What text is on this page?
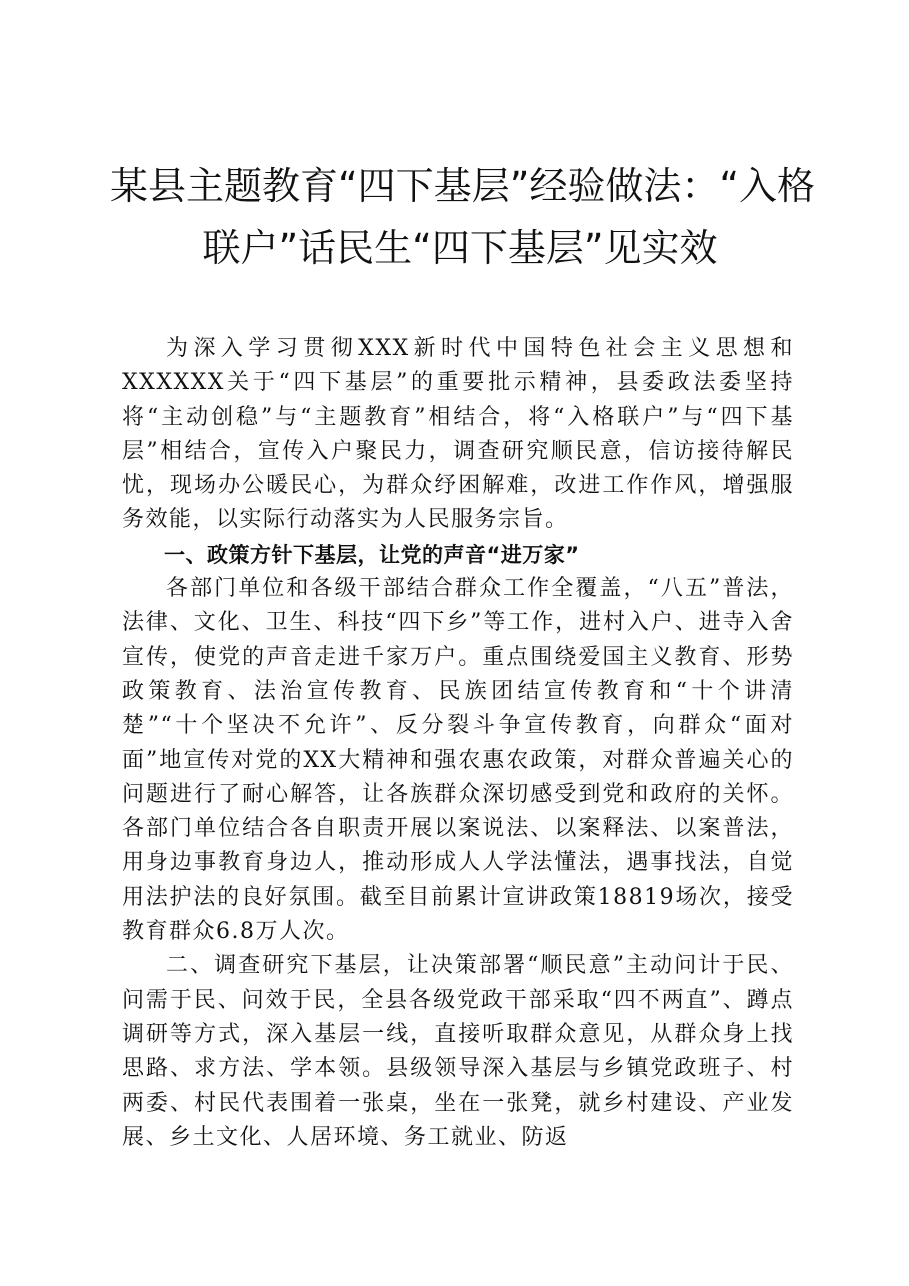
某县主题教育“四下基层”经验做法：“入格
联户”话民生“四下基层”见实效

为深入学习贯彻XXX新时代中国特色社会主义思想和XXXXXX关于“四下基层”的重要批示精神，县委政法委坚持将“主动创稳”与“主题教育”相结合，将“入格联户”与“四下基层”相结合，宣传入户聚民力，调查研究顺民意，信访接待解民忧，现场办公暖民心，为群众纾困解难，改进工作作风，增强服务效能，以实际行动落实为人民服务宗旨。

一、政策方针下基层，让党的声音“进万家”

各部门单位和各级干部结合群众工作全覆盖，“八五”普法，法律、文化、卫生、科技“四下乡”等工作，进村入户、进寺入舍宣传，使党的声音走进千家万户。重点围绕爱国主义教育、形势政策教育、法治宣传教育、民族团结宣传教育和“十个讲清楚”“十个坚决不允许”、反分裂斗争宣传教育，向群众“面对面”地宣传对党的XX大精神和强农惠农政策，对群众普遍关心的问题进行了耐心解答，让各族群众深切感受到党和政府的关怀。各部门单位结合各自职责开展以案说法、以案释法、以案普法，用身边事教育身边人，推动形成人人学法懂法，遇事找法，自觉用法护法的良好氛围。截至目前累计宣讲政策18819场次，接受教育群众6.8万人次。

二、调查研究下基层，让决策部署“顺民意”主动问计于民、问需于民、问效于民，全县各级党政干部采取“四不两直”、蹲点调研等方式，深入基层一线，直接听取群众意见，从群众身上找思路、求方法、学本领。县级领导深入基层与乡镇党政班子、村两委、村民代表围着一张桌，坐在一张凳，就乡村建设、产业发展、乡土文化、人居环境、务工就业、防返
